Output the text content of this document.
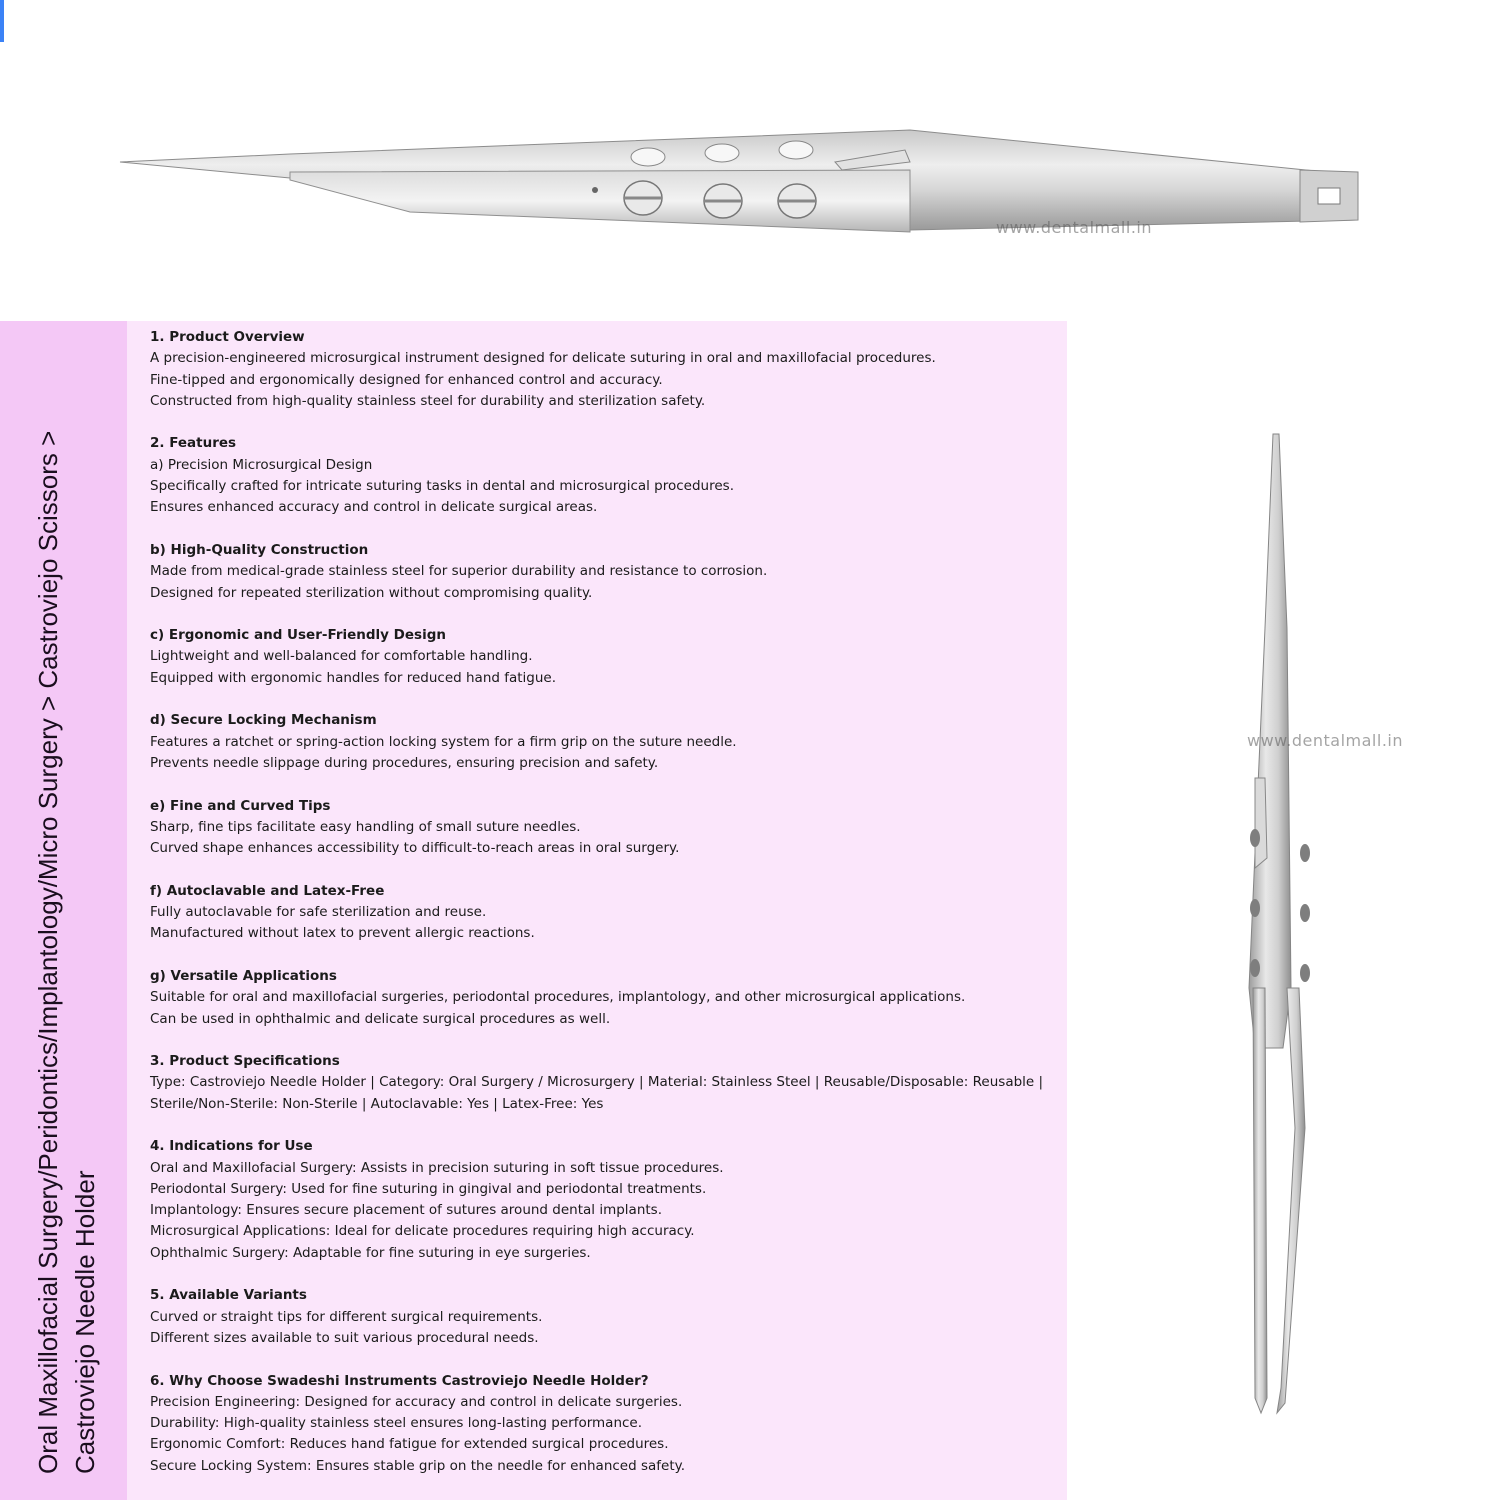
www.dentalmall.in
www.dentalmall.in

Oral Maxillofacial Surgery/Peridontics/Implantology/Micro Surgery > Castroviejo Scissors > Castroviejo Needle Holder

1. Product Overview
A precision-engineered microsurgical instrument designed for delicate suturing in oral and maxillofacial procedures.
Fine-tipped and ergonomically designed for enhanced control and accuracy.
Constructed from high-quality stainless steel for durability and sterilization safety.
2. Features
a) Precision Microsurgical Design
Specifically crafted for intricate suturing tasks in dental and microsurgical procedures.
Ensures enhanced accuracy and control in delicate surgical areas.
b) High-Quality Construction
Made from medical-grade stainless steel for superior durability and resistance to corrosion.
Designed for repeated sterilization without compromising quality.
c) Ergonomic and User-Friendly Design
Lightweight and well-balanced for comfortable handling.
Equipped with ergonomic handles for reduced hand fatigue.
d) Secure Locking Mechanism
Features a ratchet or spring-action locking system for a firm grip on the suture needle.
Prevents needle slippage during procedures, ensuring precision and safety.
e) Fine and Curved Tips
Sharp, fine tips facilitate easy handling of small suture needles.
Curved shape enhances accessibility to difficult-to-reach areas in oral surgery.
f) Autoclavable and Latex-Free
Fully autoclavable for safe sterilization and reuse.
Manufactured without latex to prevent allergic reactions.
g) Versatile Applications
Suitable for oral and maxillofacial surgeries, periodontal procedures, implantology, and other microsurgical applications.
Can be used in ophthalmic and delicate surgical procedures as well.
3. Product Specifications
Type: Castroviejo Needle Holder | Category: Oral Surgery / Microsurgery | Material: Stainless Steel | Reusable/Disposable: Reusable | Sterile/Non-Sterile: Non-Sterile | Autoclavable: Yes | Latex-Free: Yes
4. Indications for Use
Oral and Maxillofacial Surgery: Assists in precision suturing in soft tissue procedures.
Periodontal Surgery: Used for fine suturing in gingival and periodontal treatments.
Implantology: Ensures secure placement of sutures around dental implants.
Microsurgical Applications: Ideal for delicate procedures requiring high accuracy.
Ophthalmic Surgery: Adaptable for fine suturing in eye surgeries.
5. Available Variants
Curved or straight tips for different surgical requirements.
Different sizes available to suit various procedural needs.
6. Why Choose Swadeshi Instruments Castroviejo Needle Holder?
Precision Engineering: Designed for accuracy and control in delicate surgeries.
Durability: High-quality stainless steel ensures long-lasting performance.
Ergonomic Comfort: Reduces hand fatigue for extended surgical procedures.
Secure Locking System: Ensures stable grip on the needle for enhanced safety.
